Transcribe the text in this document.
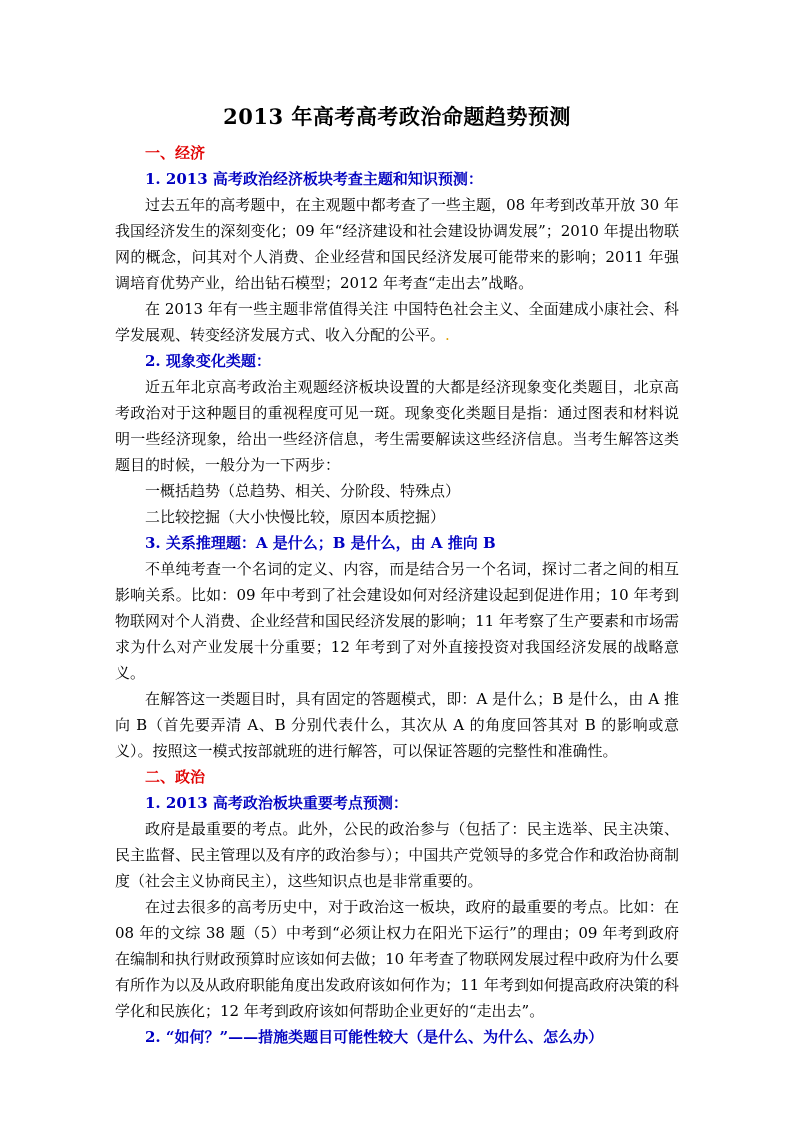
2013 年高考高考政治命题趋势预测
一、经济
1. 2013 高考政治经济板块考查主题和知识预测：

过去五年的高考题中，在主观题中都考查了一些主题，08 年考到改革开放 30 年我国经济发生的深刻变化；09 年“经济建设和社会建设协调发展”；2010 年提出物联网的概念，问其对个人消费、企业经营和国民经济发展可能带来的影响；2011 年强调培育优势产业，给出钻石模型；2012 年考查“走出去”战略。

在 2013 年有一些主题非常值得关注 中国特色社会主义、全面建成小康社会、科学发展观、转变经济发展方式、收入分配的公平。.

2. 现象变化类题：

近五年北京高考政治主观题经济板块设置的大都是经济现象变化类题目，北京高考政治对于这种题目的重视程度可见一斑。现象变化类题目是指：通过图表和材料说明一些经济现象，给出一些经济信息，考生需要解读这些经济信息。当考生解答这类题目的时候，一般分为一下两步：

一概括趋势（总趋势、相关、分阶段、特殊点）

二比较挖掘（大小快慢比较，原因本质挖掘）

3. 关系推理题：A 是什么；B 是什么，由 A 推向 B

不单纯考查一个名词的定义、内容，而是结合另一个名词，探讨二者之间的相互影响关系。比如：09 年中考到了社会建设如何对经济建设起到促进作用；10 年考到物联网对个人消费、企业经营和国民经济发展的影响；11 年考察了生产要素和市场需求为什么对产业发展十分重要；12 年考到了对外直接投资对我国经济发展的战略意义。

在解答这一类题目时，具有固定的答题模式，即：A 是什么；B 是什么，由 A 推向 B（首先要弄清 A、B 分别代表什么，其次从 A 的角度回答其对 B 的影响或意义）。按照这一模式按部就班的进行解答，可以保证答题的完整性和准确性。

二、政治
1. 2013 高考政治板块重要考点预测：

政府是最重要的考点。此外，公民的政治参与（包括了：民主选举、民主决策、民主监督、民主管理以及有序的政治参与）；中国共产党领导的多党合作和政治协商制度（社会主义协商民主），这些知识点也是非常重要的。

在过去很多的高考历史中，对于政治这一板块，政府的最重要的考点。比如：在 08 年的文综 38 题（5）中考到“必须让权力在阳光下运行”的理由；09 年考到政府在编制和执行财政预算时应该如何去做；10 年考查了物联网发展过程中政府为什么要有所作为以及从政府职能角度出发政府该如何作为；11 年考到如何提高政府决策的科学化和民族化；12 年考到政府该如何帮助企业更好的“走出去”。

2. “如何？”——措施类题目可能性较大（是什么、为什么、怎么办）
